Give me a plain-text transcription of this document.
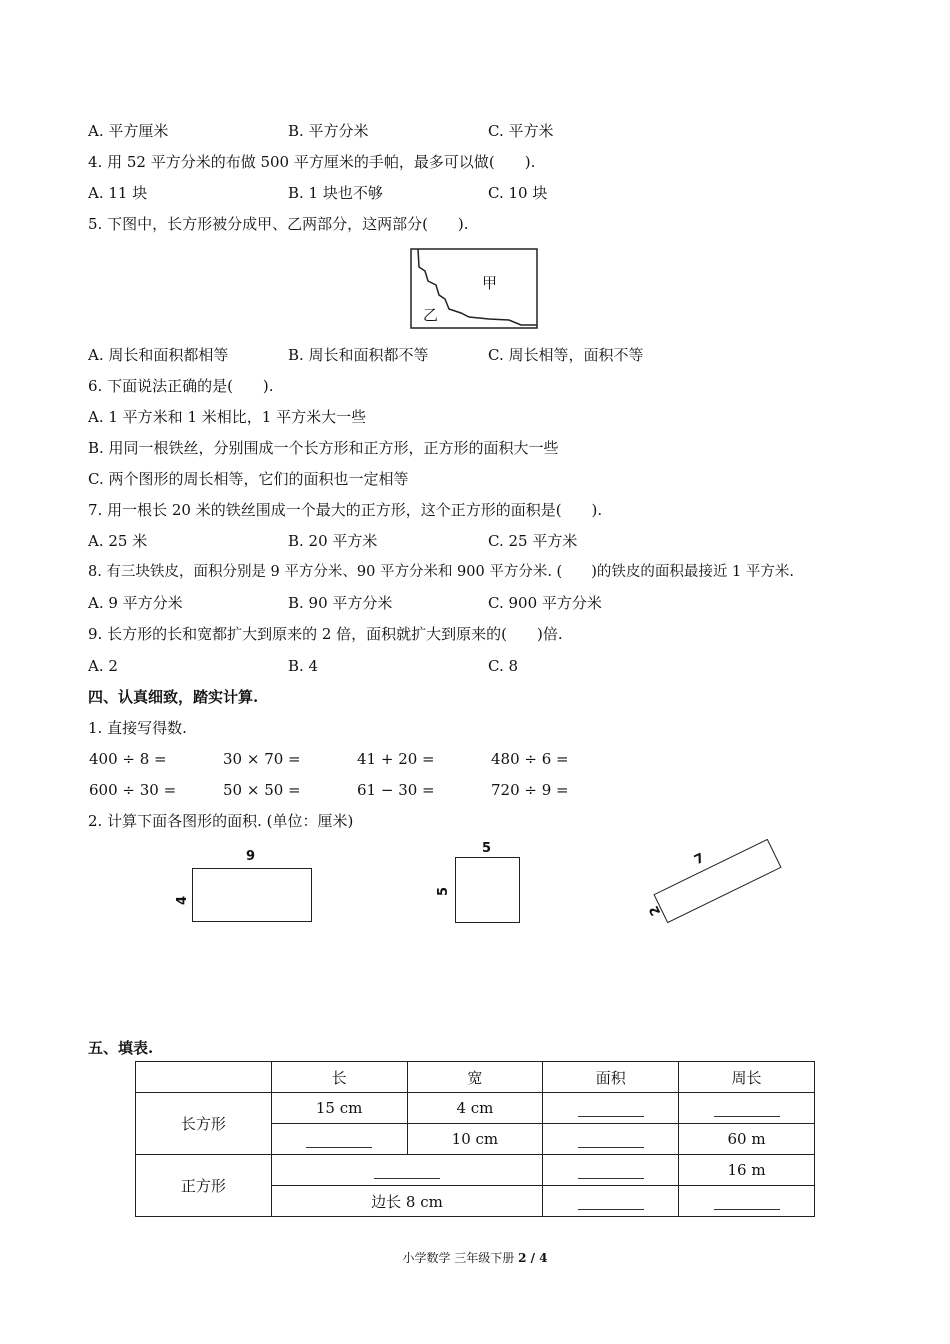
A. 平方厘米	B. 平方分米	C. 平方米
4. 用 52 平方分米的布做 500 平方厘米的手帕，最多可以做(　　).
A. 11 块	B. 1 块也不够	C. 10 块
5. 下图中，长方形被分成甲、乙两部分，这两部分(　　).
甲
乙
A. 周长和面积都相等	B. 周长和面积都不等	C. 周长相等，面积不等
6. 下面说法正确的是(　　).
A. 1 平方米和 1 米相比，1 平方米大一些
B. 用同一根铁丝，分别围成一个长方形和正方形，正方形的面积大一些
C. 两个图形的周长相等，它们的面积也一定相等
7. 用一根长 20 米的铁丝围成一个最大的正方形，这个正方形的面积是(　　).
A. 25 米	B. 20 平方米	C. 25 平方米
8. 有三块铁皮，面积分别是 9 平方分米、90 平方分米和 900 平方分米. (　　)的铁皮的面积最接近 1 平方米.
A. 9 平方分米	B. 90 平方分米	C. 900 平方分米
9. 长方形的长和宽都扩大到原来的 2 倍，面积就扩大到原来的(　　)倍.
A. 2	B. 4	C. 8
四、认真细致，踏实计算.
1. 直接写得数.
400 ÷ 8 =	30 × 70 =	41 + 20 =	480 ÷ 6 =
600 ÷ 30 =	50 × 50 =	61 − 30 =	720 ÷ 9 =
2. 计算下面各图形的面积. (单位：厘米)
9
4
5
5
7
2
五、填表.
	长	宽	面积	周长
长方形	15 cm	4 cm		
		10 cm		60 m
正方形				16 m
	边长 8 cm			
小学数学 三年级下册 2 / 4
